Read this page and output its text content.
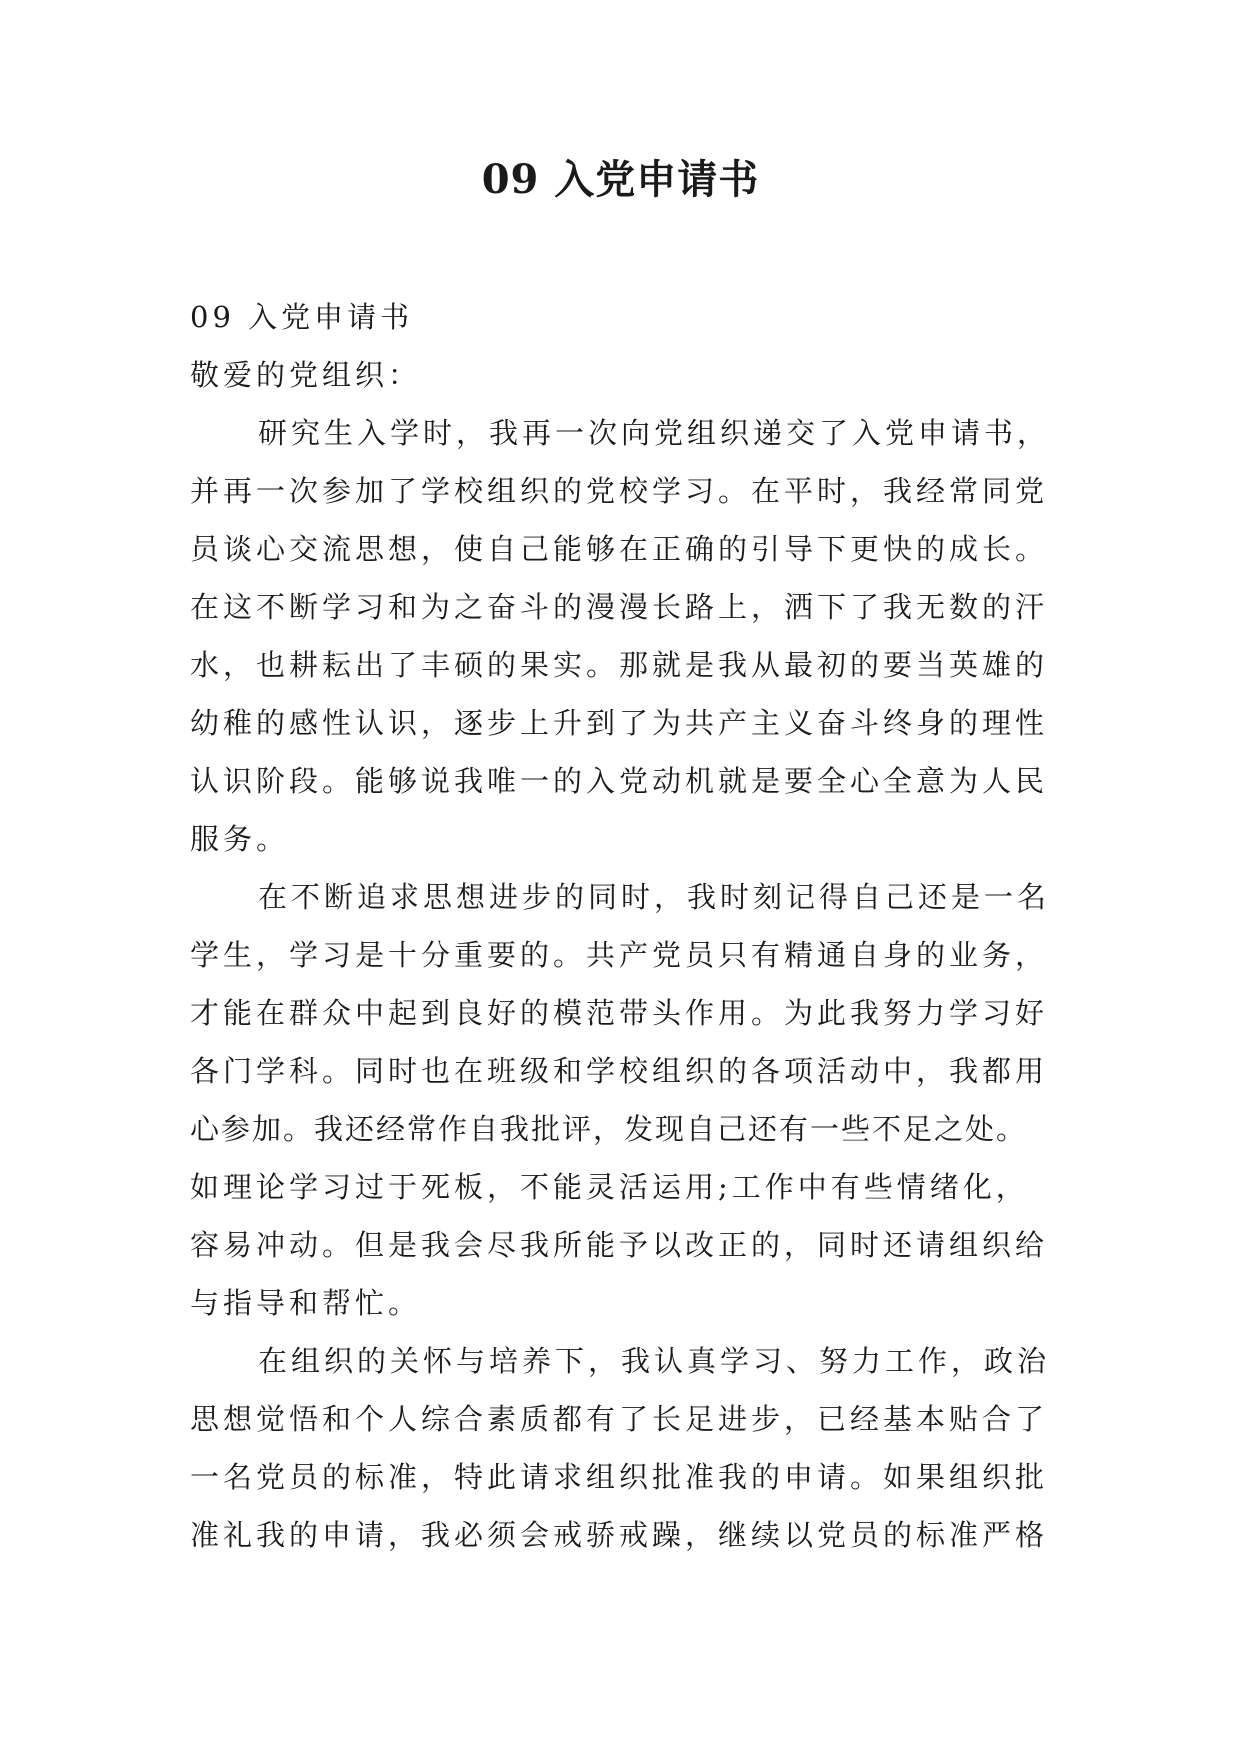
09 入党申请书
09 入党申请书
敬爱的党组织：
研究生入学时，我再一次向党组织递交了入党申请书，
并再一次参加了学校组织的党校学习。在平时，我经常同党
员谈心交流思想，使自己能够在正确的引导下更快的成长。
在这不断学习和为之奋斗的漫漫长路上，洒下了我无数的汗
水，也耕耘出了丰硕的果实。那就是我从最初的要当英雄的
幼稚的感性认识，逐步上升到了为共产主义奋斗终身的理性
认识阶段。能够说我唯一的入党动机就是要全心全意为人民
服务。
在不断追求思想进步的同时，我时刻记得自己还是一名
学生，学习是十分重要的。共产党员只有精通自身的业务，
才能在群众中起到良好的模范带头作用。为此我努力学习好
各门学科。同时也在班级和学校组织的各项活动中，我都用
心参加。我还经常作自我批评，发现自己还有一些不足之处。
如理论学习过于死板，不能灵活运用;工作中有些情绪化，
容易冲动。但是我会尽我所能予以改正的，同时还请组织给
与指导和帮忙。
在组织的关怀与培养下，我认真学习、努力工作，政治
思想觉悟和个人综合素质都有了长足进步，已经基本贴合了
一名党员的标准，特此请求组织批准我的申请。如果组织批
准礼我的申请，我必须会戒骄戒躁，继续以党员的标准严格
